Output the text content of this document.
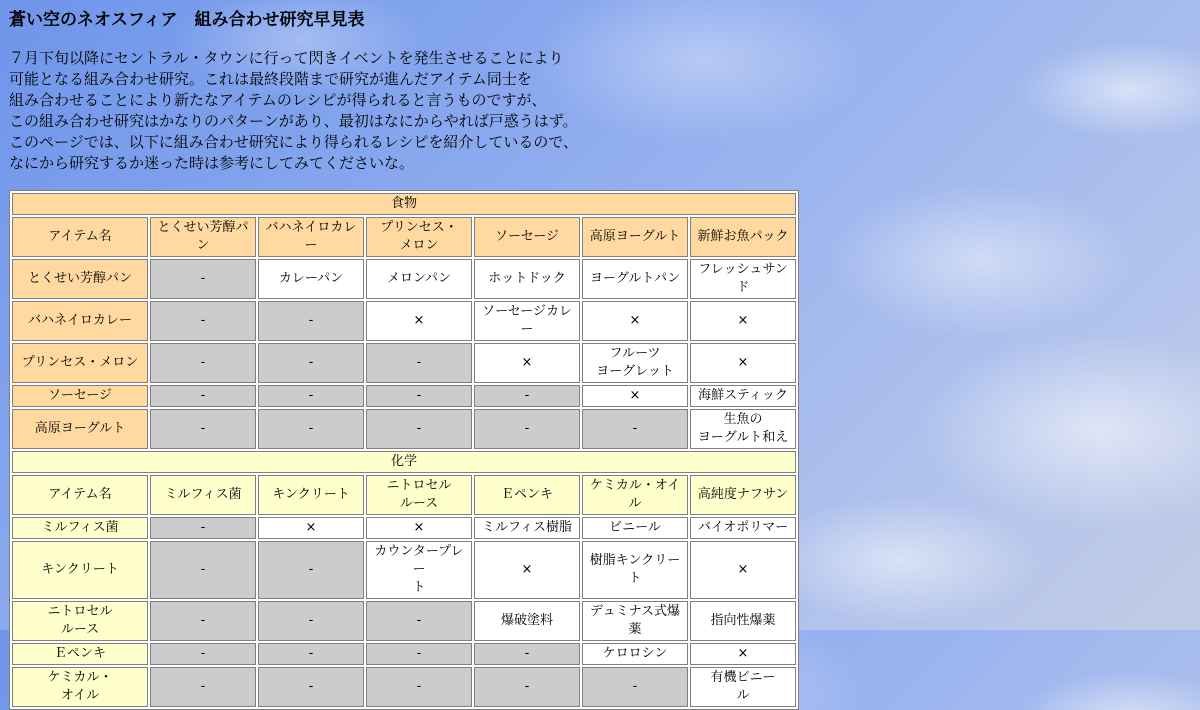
蒼い空のネオスフィア　組み合わせ研究早見表

７月下旬以降にセントラル・タウンに行って閃きイベントを発生させることにより

可能となる組み合わせ研究。これは最終段階まで研究が進んだアイテム同士を

組み合わせることにより新たなアイテムのレシピが得られると言うものですが、

この組み合わせ研究はかなりのパターンがあり、最初はなにからやれば戸惑うはず。

このページでは、以下に組み合わせ研究により得られるレシピを紹介しているので、

なにから研究するか迷った時は参考にしてみてくださいな。

食物						
アイテム名	とくせい芳醇パン	バハネイロカレー	プリンセス・
メロン	ソーセージ	高原ヨーグルト	新鮮お魚パック
とくせい芳醇パン	-	カレーパン	メロンパン	ホットドック	ヨーグルトパン	フレッシュサンド
バハネイロカレー	-	-	×	ソーセージカレー	×	×
プリンセス・メロン	-	-	-	×	フルーツ
ヨーグレット	×
ソーセージ	-	-	-	-	×	海鮮スティック
高原ヨーグルト	-	-	-	-	-	生魚の
ヨーグルト和え
化学						
アイテム名	ミルフィス菌	キンクリート	ニトロセル
ルース	Ｅペンキ	ケミカル・オイル	高純度ナフサン
ミルフィス菌	-	×	×	ミルフィス樹脂	ビニール	バイオポリマー
キンクリート	-	-	カウンタープレー
ト	×	樹脂キンクリート	×
ニトロセル
ルース	-	-	-	爆破塗料	デュミナス式爆薬	指向性爆薬
Ｅペンキ	-	-	-	-	ケロロシン	×
ケミカル・
オイル	-	-	-	-	-	有機ビニー
ル
